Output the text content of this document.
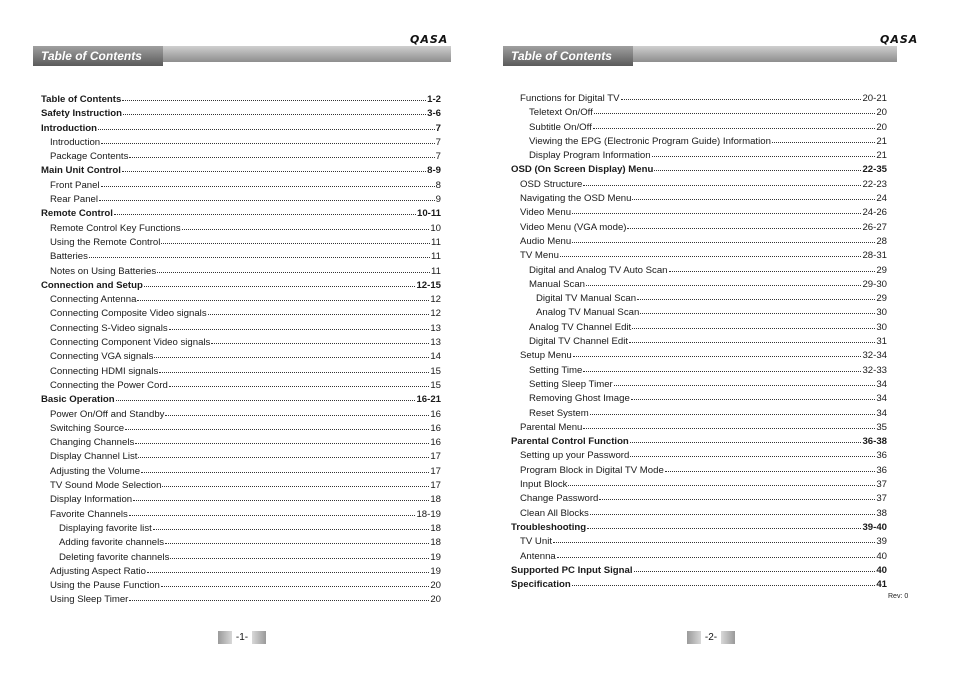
QASA
Table of Contents
Table of Contents	1-2
Safety Instruction	3-6
Introduction	7
Introduction	7
Package Contents	7
Main Unit Control	8-9
Front Panel	8
Rear Panel	9
Remote Control	10-11
Remote Control Key Functions	10
Using the Remote Control	11
Batteries	11
Notes on Using Batteries	11
Connection and Setup	12-15
Connecting Antenna	12
Connecting Composite Video signals	12
Connecting S-Video signals	13
Connecting Component Video signals	13
Connecting VGA signals	14
Connecting HDMI signals	15
Connecting the Power Cord	15
Basic Operation	16-21
Power On/Off and Standby	16
Switching Source	16
Changing Channels	16
Display Channel List	17
Adjusting the Volume	17
TV Sound Mode Selection	17
Display Information	18
Favorite Channels	18-19
Displaying favorite list	18
Adding favorite channels	18
Deleting favorite channels	19
Adjusting Aspect Ratio	19
Using the Pause Function	20
Using Sleep Timer	20
-1-
QASA
Table of Contents
Functions for Digital TV	20-21
Teletext On/Off	20
Subtitle On/Off	20
Viewing the EPG (Electronic Program Guide) Information	21
Display Program Information	21
OSD (On Screen Display) Menu	22-35
OSD Structure	22-23
Navigating the OSD Menu	24
Video Menu	24-26
Video Menu (VGA mode)	26-27
Audio Menu	28
TV Menu	28-31
Digital and Analog TV Auto Scan	29
Manual Scan	29-30
Digital TV Manual Scan	29
Analog TV Manual Scan	30
Analog TV Channel Edit	30
Digital TV Channel Edit	31
Setup Menu	32-34
Setting Time	32-33
Setting Sleep Timer	34
Removing Ghost Image	34
Reset System	34
Parental Menu	35
Parental Control Function	36-38
Setting up your Password	36
Program Block in Digital TV Mode	36
Input Block	37
Change Password	37
Clean All Blocks	38
Troubleshooting	39-40
TV Unit	39
Antenna	40
Supported PC Input Signal	40
Specification	41
Rev: 0
-2-
